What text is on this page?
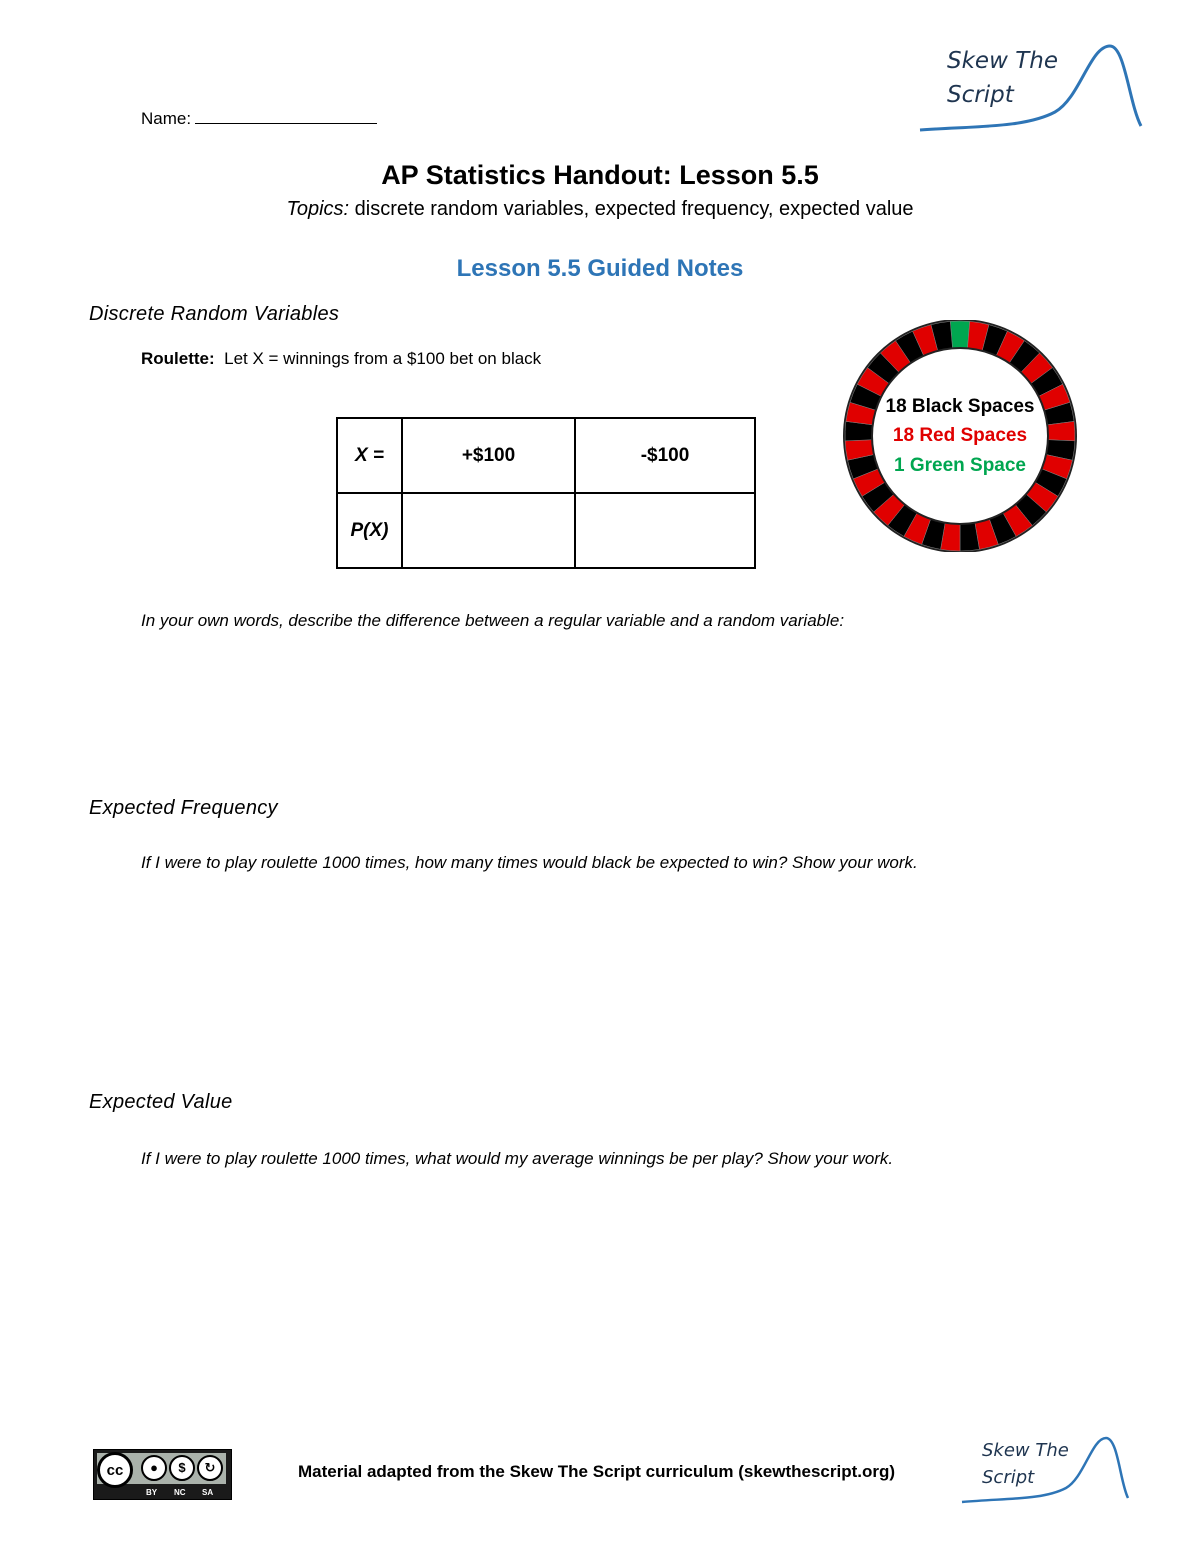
Name:
Skew The
Script
AP Statistics Handout: Lesson 5.5
Topics: discrete random variables, expected frequency, expected value
Lesson 5.5 Guided Notes
Discrete Random Variables
Roulette:  Let X = winnings from a $100 bet on black
X =	+$100	-$100
P(X)		
18 Black Spaces
18 Red Spaces
1 Green Space
In your own words, describe the difference between a regular variable and a random variable:
Expected Frequency
If I were to play roulette 1000 times, how many times would black be expected to win? Show your work.
Expected Value
If I were to play roulette 1000 times, what would my average winnings be per play? Show your work.
cc	●	$	↻
BY NC SA
Material adapted from the Skew The Script curriculum (skewthescript.org)
Skew The
Script
